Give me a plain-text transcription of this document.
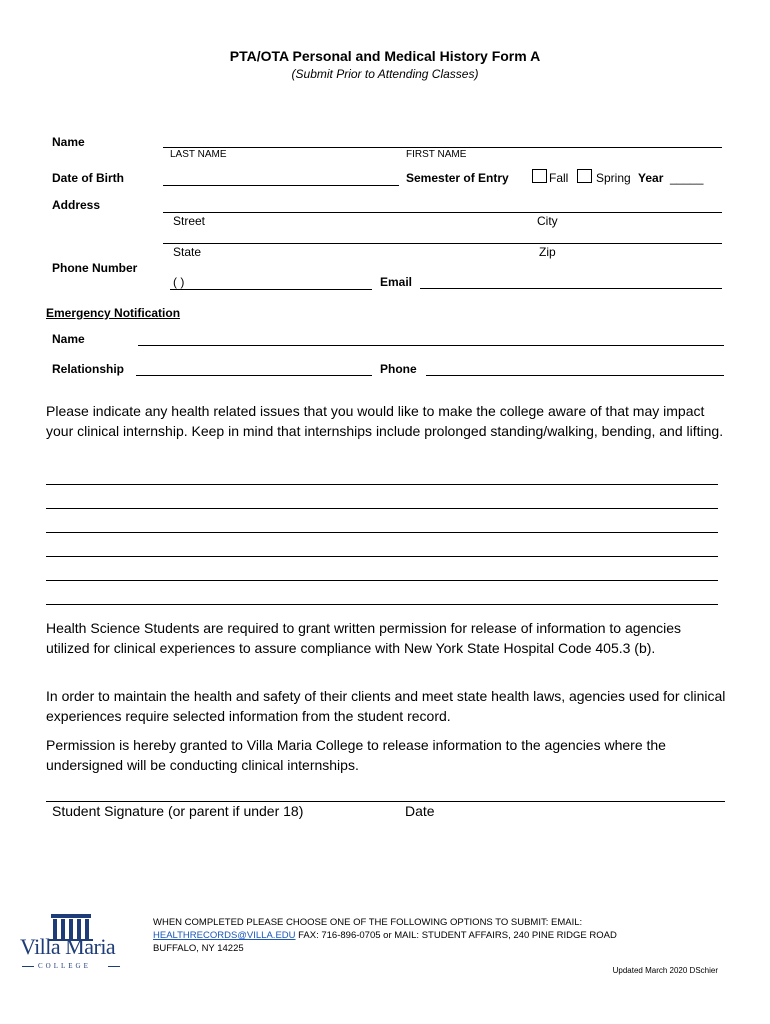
PTA/OTA Personal and Medical History Form A
(Submit Prior to Attending Classes)
Name
LAST NAME	FIRST NAME
Date of Birth	Semester of Entry	Fall Spring Year _____
Address
Street	City
State	Zip
Phone Number
( )	Email
Emergency Notification
Name
Relationship	Phone
Please indicate any health related issues that you would like to make the college aware of that may impact your clinical internship. Keep in mind that internships include prolonged standing/walking, bending, and lifting.
Health Science Students are required to grant written permission for release of information to agencies utilized for clinical experiences to assure compliance with New York State Hospital Code 405.3 (b).
In order to maintain the health and safety of their clients and meet state health laws, agencies used for clinical experiences require selected information from the student record.
Permission is hereby granted to Villa Maria College to release information to the agencies where the undersigned will be conducting clinical internships.
Student Signature (or parent if under 18)	Date
Villa Maria
COLLEGE
WHEN COMPLETED PLEASE CHOOSE ONE OF THE FOLLOWING OPTIONS TO SUBMIT: EMAIL:
HEALTHRECORDS@VILLA.EDU FAX: 716-896-0705 or MAIL: STUDENT AFFAIRS, 240 PINE RIDGE ROAD
BUFFALO, NY 14225
Updated March 2020 DSchier
